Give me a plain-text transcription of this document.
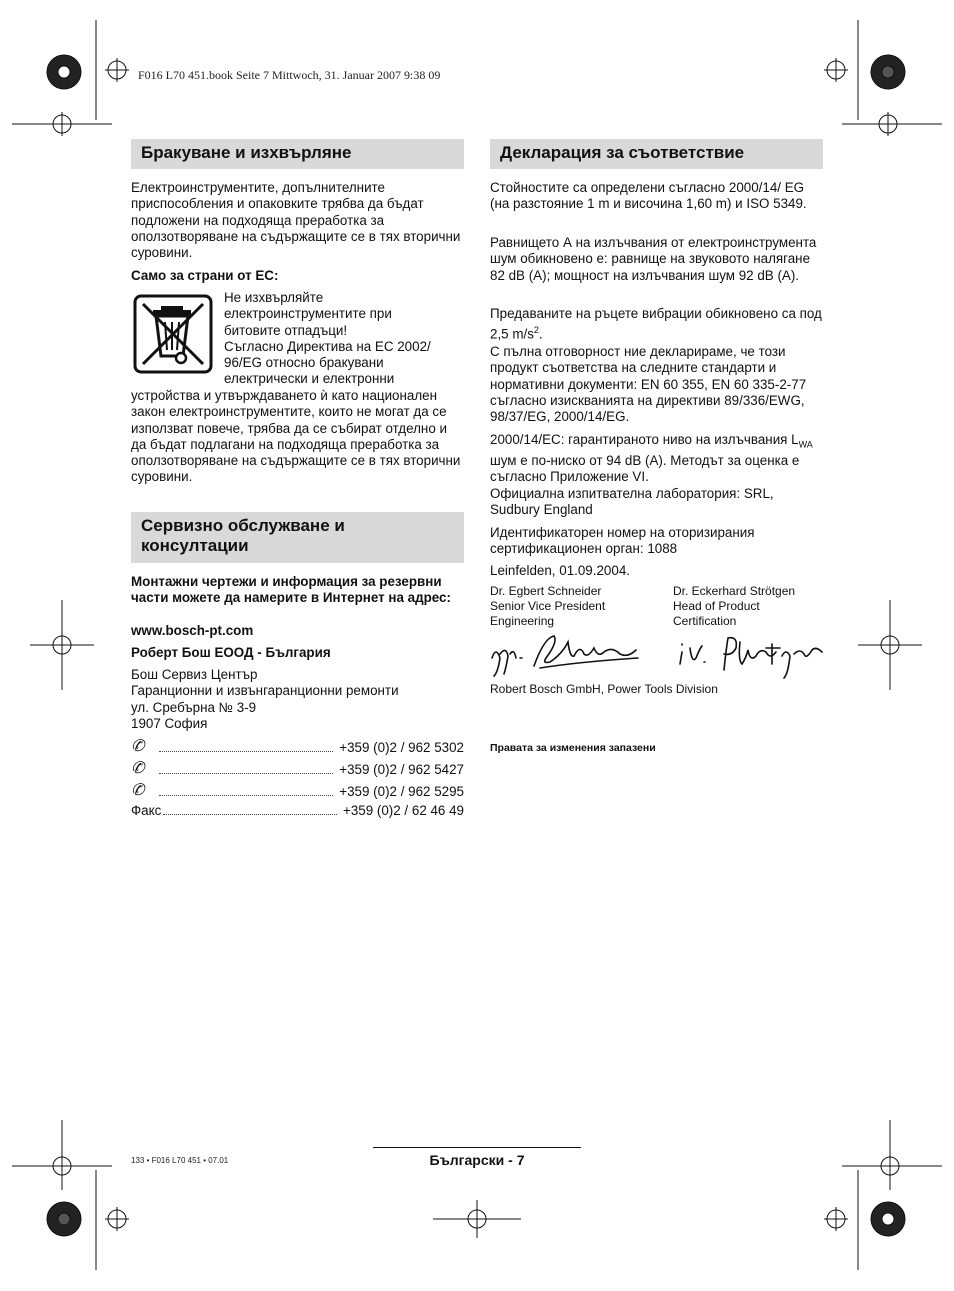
F016 L70 451.book Seite 7 Mittwoch, 31. Januar 2007 9:38 09
Бракуване и изхвърляне

Електроинструментите, допълнителните приспособления и опаковките трябва да бъдат подложени на подходяща преработка за оползотворяване на съдържащите се в тях вторични суровини.

Само за страни от ЕС:

Не изхвърляйте
електроинструментите при
битовите отпадъци!
Съгласно Директива на ЕС 2002/
96/EG относно бракувани
електрически и електронни

устройства и утвърждаването ѝ като национален закон електроинструментите, които не могат да се използват повече, трябва да се събират отделно и да бъдат подлагани на подходяща преработка за оползотворяване на съдържащите се в тях вторични суровини.

Сервизно обслужване и
консултации

Монтажни чертежи и информация за резервни части можете да намерите в Интернет на адрес:

www.bosch-pt.com

Роберт Бош ЕООД - България

Бош Сервиз Център
Гаранционни и извънгаранционни ремонти
ул. Сребърна № 3-9
1907 София
✆	+359 (0)2 / 962 5302
✆	+359 (0)2 / 962 5427
✆	+359 (0)2 / 962 5295
Факс	+359 (0)2 / 62 46 49
Декларация за съответствие

Стойностите са определени съгласно 2000/14/ EG (на разстояние 1 m и височина 1,60 m) и ISO 5349.

Равнището А на излъчвания от електроинструмента шум обикновено е: равнище на звуковото налягане 82 dB (A); мощност на излъчвания шум 92 dB (A).

Предаваните на ръцете вибрации обикновено са под 2,5 $m/s^2$.

С пълна отговорност ние декларираме, че този продукт съответства на следните стандарти и нормативни документи: EN 60 355, EN 60 335-2-77 съгласно изискванията на директиви 89/336/EWG, 98/37/EG, 2000/14/EG.

2000/14/EC: гарантираното ниво на излъчвания $L_{WA}$ шум е по-ниско от 94 dB (A). Методът за оценка е съгласно Приложение VI.

Официална изпитвателна лаборатория: SRL, Sudbury England

Идентификаторен номер на оторизирания сертификационен орган: 1088

Leinfelden, 01.09.2004.

Dr. Egbert Schneider
Senior Vice President
Engineering
Dr. Eckerhard Strötgen
Head of Product
Certification

Robert Bosch GmbH, Power Tools Division

Правата за изменения запазени

133 • F016 L70 451 • 07.01	Български - 7
